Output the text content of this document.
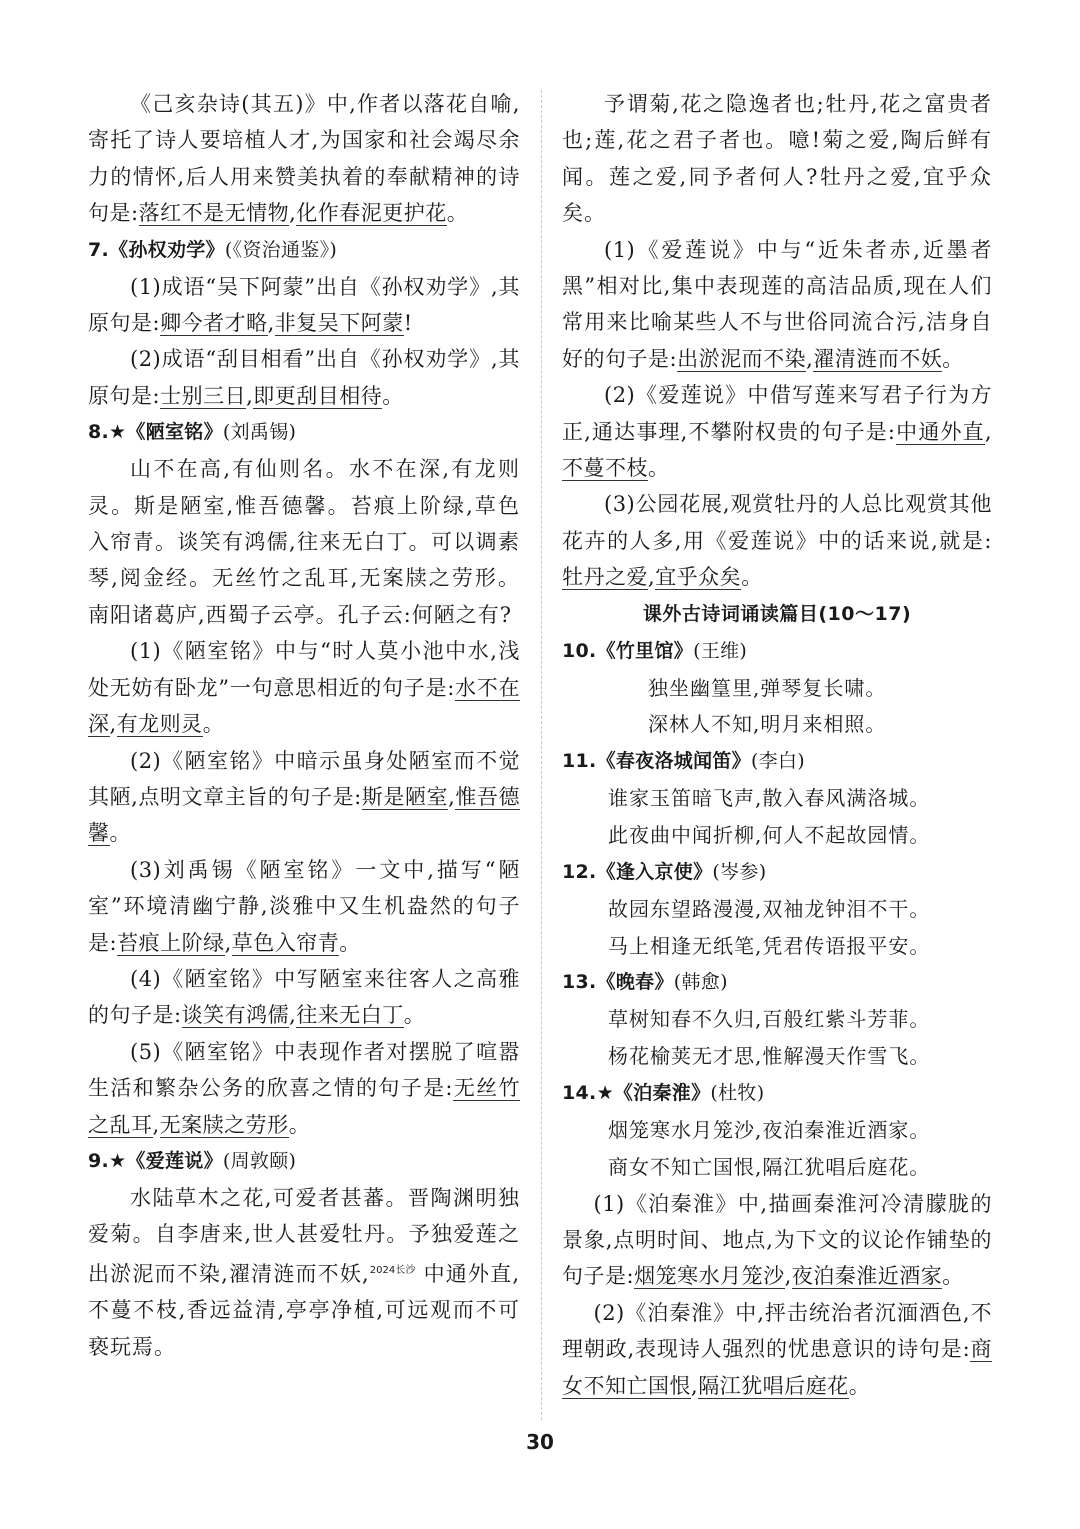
《己亥杂诗(其五)》中,作者以落花自喻,寄托了诗人要培植人才,为国家和社会竭尽余力的情怀,后人用来赞美执着的奉献精神的诗句是:落红不是无情物,化作春泥更护花。

7.《孙权劝学》(《资治通鉴》)

(1)成语“吴下阿蒙”出自《孙权劝学》,其原句是:卿今者才略,非复吴下阿蒙!

(2)成语“刮目相看”出自《孙权劝学》,其原句是:士别三日,即更刮目相待。

8.★《陋室铭》(刘禹锡)

山不在高,有仙则名。水不在深,有龙则灵。斯是陋室,惟吾德馨。苔痕上阶绿,草色入帘青。谈笑有鸿儒,往来无白丁。可以调素琴,阅金经。无丝竹之乱耳,无案牍之劳形。南阳诸葛庐,西蜀子云亭。孔子云:何陋之有?

(1)《陋室铭》中与“时人莫小池中水,浅处无妨有卧龙”一句意思相近的句子是:水不在深,有龙则灵。

(2)《陋室铭》中暗示虽身处陋室而不觉其陋,点明文章主旨的句子是:斯是陋室,惟吾德馨。

(3)刘禹锡《陋室铭》一文中,描写“陋室”环境清幽宁静,淡雅中又生机盎然的句子是:苔痕上阶绿,草色入帘青。

(4)《陋室铭》中写陋室来往客人之高雅的句子是:谈笑有鸿儒,往来无白丁。

(5)《陋室铭》中表现作者对摆脱了喧嚣生活和繁杂公务的欣喜之情的句子是:无丝竹之乱耳,无案牍之劳形。

9.★《爱莲说》(周敦颐)

水陆草木之花,可爱者甚蕃。晋陶渊明独爱菊。自李唐来,世人甚爱牡丹。予独爱莲之出淤泥而不染,濯清涟而不妖,$^{2024长沙}$ 中通外直,不蔓不枝,香远益清,亭亭净植,可远观而不可亵玩焉。

予谓菊,花之隐逸者也;牡丹,花之富贵者也;莲,花之君子者也。噫!菊之爱,陶后鲜有闻。莲之爱,同予者何人?牡丹之爱,宜乎众矣。

(1)《爱莲说》中与“近朱者赤,近墨者黑”相对比,集中表现莲的高洁品质,现在人们常用来比喻某些人不与世俗同流合污,洁身自好的句子是:出淤泥而不染,濯清涟而不妖。

(2)《爱莲说》中借写莲来写君子行为方正,通达事理,不攀附权贵的句子是:中通外直,不蔓不枝。

(3)公园花展,观赏牡丹的人总比观赏其他花卉的人多,用《爱莲说》中的话来说,就是:牡丹之爱,宜乎众矣。

课外古诗词诵读篇目(10～17)

10.《竹里馆》(王维)

独坐幽篁里,弹琴复长啸。
深林人不知,明月来相照。

11.《春夜洛城闻笛》(李白)

谁家玉笛暗飞声,散入春风满洛城。
此夜曲中闻折柳,何人不起故园情。

12.《逢入京使》(岑参)

故园东望路漫漫,双袖龙钟泪不干。
马上相逢无纸笔,凭君传语报平安。

13.《晚春》(韩愈)

草树知春不久归,百般红紫斗芳菲。
杨花榆荚无才思,惟解漫天作雪飞。

14.★《泊秦淮》(杜牧)

烟笼寒水月笼沙,夜泊秦淮近酒家。
商女不知亡国恨,隔江犹唱后庭花。

(1)《泊秦淮》中,描画秦淮河冷清朦胧的景象,点明时间、地点,为下文的议论作铺垫的句子是:烟笼寒水月笼沙,夜泊秦淮近酒家。

(2)《泊秦淮》中,抨击统治者沉湎酒色,不理朝政,表现诗人强烈的忧患意识的诗句是:商女不知亡国恨,隔江犹唱后庭花。

30
